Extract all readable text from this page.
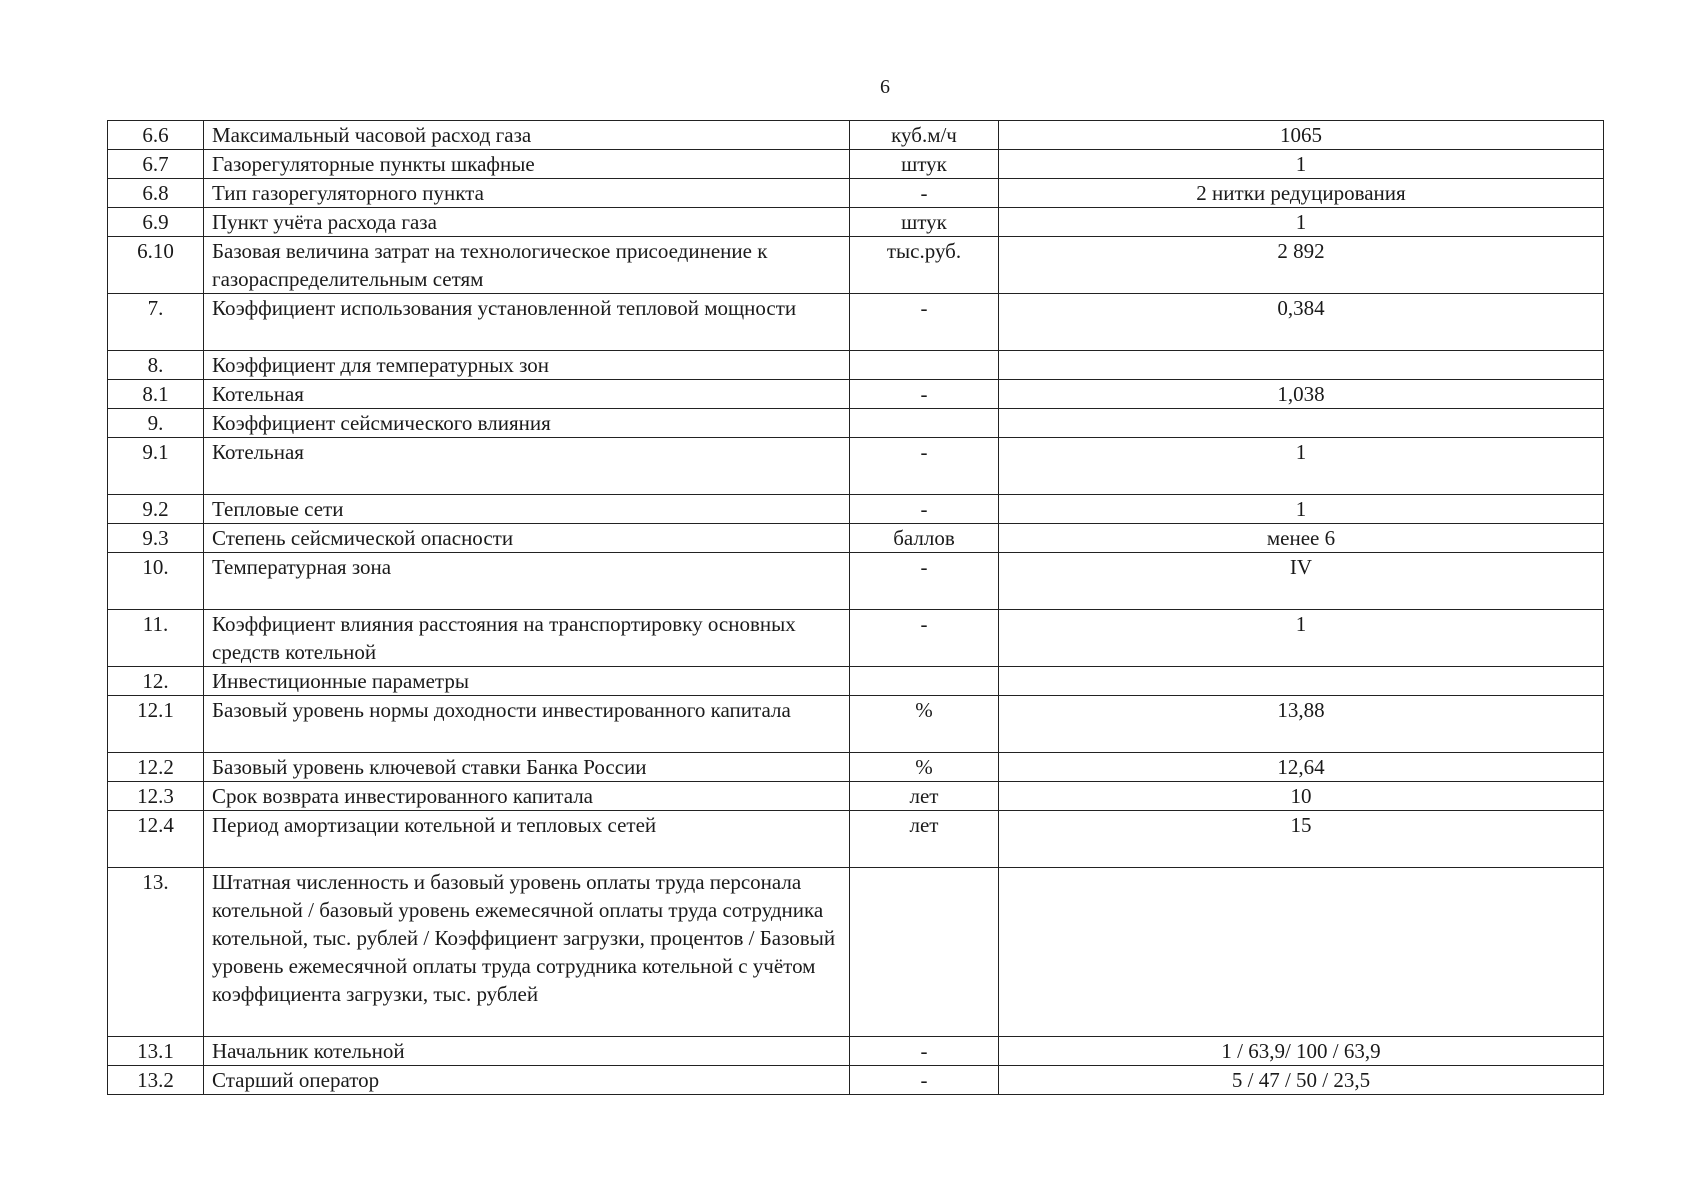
6
6.6	Максимальный часовой расход газа	куб.м/ч	1065
6.7	Газорегуляторные пункты шкафные	штук	1
6.8	Тип газорегуляторного пункта	-	2 нитки редуцирования
6.9	Пункт учёта расхода газа	штук	1
6.10	Базовая величина затрат на технологическое присоединение к газораспределительным сетям	тыс.руб.	2 892
7.	Коэффициент использования установленной тепловой мощности	-	0,384
8.	Коэффициент для температурных зон		
8.1	Котельная	-	1,038
9.	Коэффициент сейсмического влияния		
9.1	Котельная	-	1
9.2	Тепловые сети	-	1
9.3	Степень сейсмической опасности	баллов	менее 6
10.	Температурная зона	-	IV
11.	Коэффициент влияния расстояния на транспортировку основных средств котельной	-	1
12.	Инвестиционные параметры		
12.1	Базовый уровень нормы доходности инвестированного капитала	%	13,88
12.2	Базовый уровень ключевой ставки Банка России	%	12,64
12.3	Срок возврата инвестированного капитала	лет	10
12.4	Период амортизации котельной и тепловых сетей	лет	15
13.	Штатная численность и базовый уровень оплаты труда персонала котельной / базовый уровень ежемесячной оплаты труда сотрудника котельной, тыс. рублей / Коэффициент загрузки, процентов / Базовый уровень ежемесячной оплаты труда сотрудника котельной с учётом коэффициента загрузки, тыс. рублей		
13.1	Начальник котельной	-	1 / 63,9/ 100 / 63,9
13.2	Старший оператор	-	5 / 47 / 50 / 23,5
